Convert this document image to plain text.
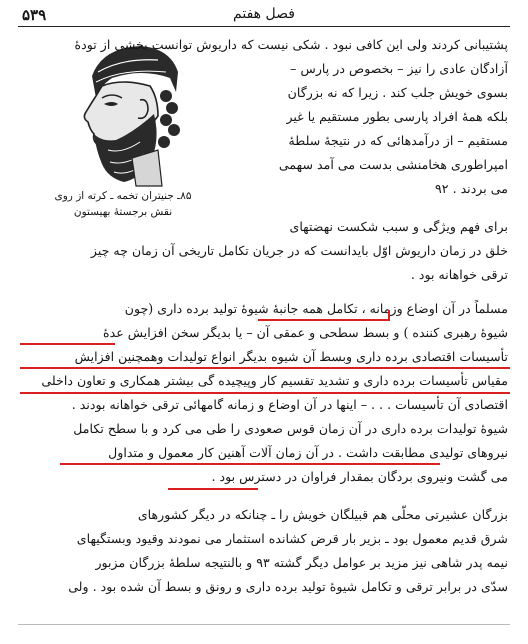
۵۳۹	فصل هفتم
۸۵ـ جنیتران تخمه ـ کرته از روی
نقش برجستهٔ بهیستون
پشتیبانی کردند ولی این کافی نبود . شکی نیست که داریوش توانست بخشی از تودهٔ
آزادگان عادی را نیز – بخصوص در پارس –
بسوی خویش جلب کند . زیرا که نه بزرگان
بلکه همهٔ افراد پارسی بطور مستقیم یا غیر
مستقیم – از درآمدهائی که در نتیجهٔ سلطهٔ
امپراطوری هخامنشی بدست می آمد سهمی
می بردند . ۹۲
برای فهم ویژگی و سبب شکست نهضتهای
خلق در زمان داریوش اوّل بایدانست که در جریان تکامل تاریخی آن زمان چه چیز
ترقی خواهانه بود .
مسلماً در آن اوضاع وزمانه ، تکامل همه جانبهٔ شیوهٔ تولید برده داری (چون
شیوهٔ رهبری کننده ) و بسط سطحی و عمقی آن – یا بدیگر سخن افزایش عدهٔ
تأسیسات اقتصادی برده داری وبسط آن شیوه بدیگر انواع تولیدات وهمچنین افزایش
مقیاس تأسیسات برده داری و تشدید تقسیم کار وپیچیده گی بیشتر همکاری و تعاون داخلی
اقتصادی آن تأسیسات . . . – اینها در آن اوضاع و زمانه گامهائی ترقی خواهانه بودند .
شیوهٔ تولیدات برده داری در آن زمان قوس صعودی را طی می کرد و با سطح تکامل
نیروهای تولیدی مطابقت داشت . در آن زمان آلات آهنین کار معمول و متداول
می گشت ونیروی بردگان بمقدار فراوان در دسترس بود .
بزرگان عشیرتی محلّی هم قبیلگان خویش را ـ چنانکه در دیگر کشورهای
شرق قدیم معمول بود ـ بزیر بار قرض کشانده استثمار می نمودند وقیود وبستگیهای
نیمه پدر شاهی نیز مزید بر عوامل دیگر گشته ۹۳ و بالنتیجه سلطهٔ بزرگان مزبور
سدّی در برابر ترقی و تکامل شیوهٔ تولید برده داری و رونق و بسط آن شده بود . ولی
